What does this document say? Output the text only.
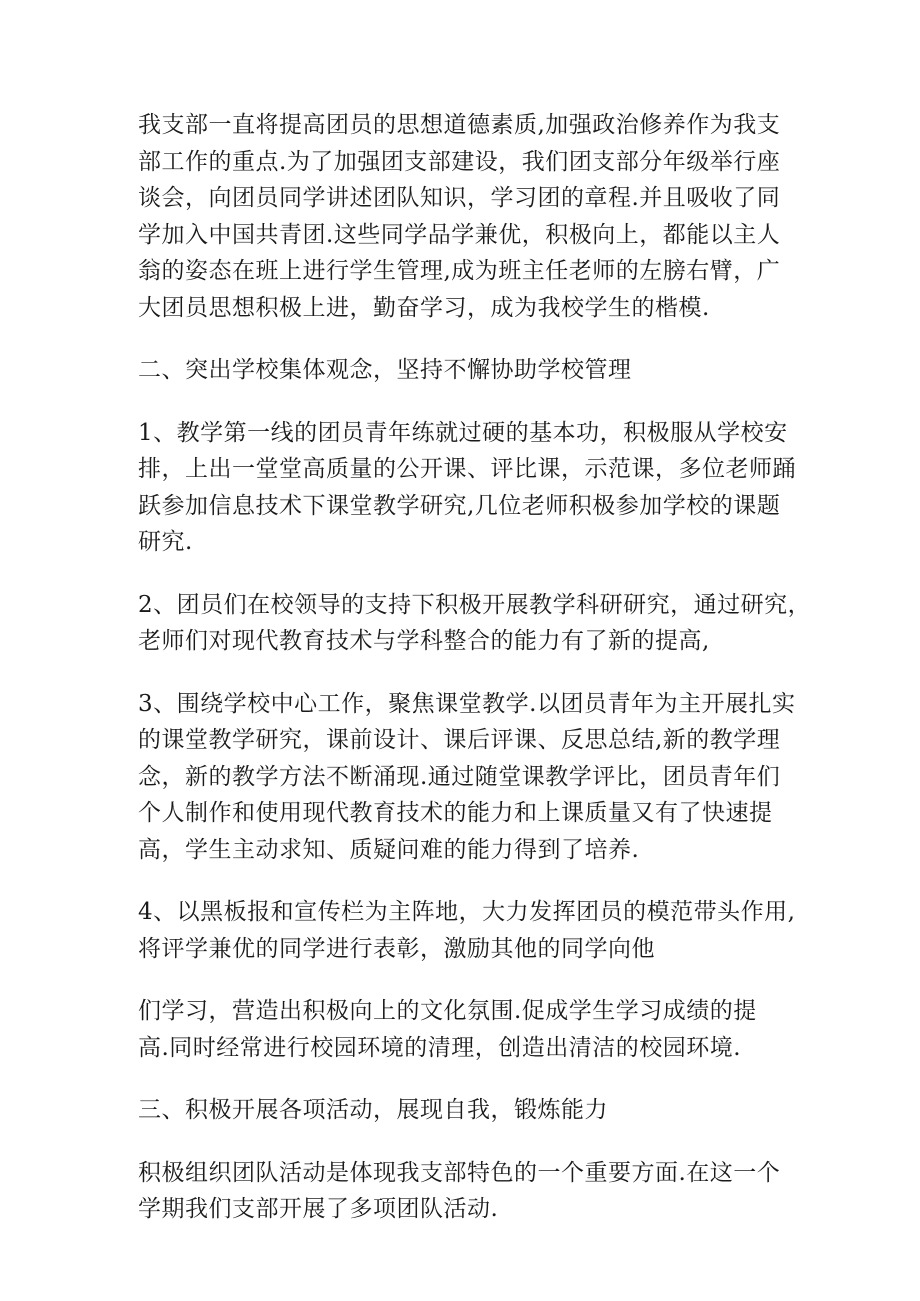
我支部一直将提高团员的思想道德素质,加强政治修养作为我支
部工作的重点.为了加强团支部建设，我们团支部分年级举行座
谈会，向团员同学讲述团队知识，学习团的章程.并且吸收了同
学加入中国共青团.这些同学品学兼优，积极向上，都能以主人
翁的姿态在班上进行学生管理,成为班主任老师的左膀右臂，广
大团员思想积极上进，勤奋学习，成为我校学生的楷模.

二、突出学校集体观念，坚持不懈协助学校管理

1、教学第一线的团员青年练就过硬的基本功，积极服从学校安
排，上出一堂堂高质量的公开课、评比课，示范课，多位老师踊
跃参加信息技术下课堂教学研究,几位老师积极参加学校的课题
研究.

2、团员们在校领导的支持下积极开展教学科研研究，通过研究，
老师们对现代教育技术与学科整合的能力有了新的提高,

3、围绕学校中心工作，聚焦课堂教学.以团员青年为主开展扎实
的课堂教学研究，课前设计、课后评课、反思总结,新的教学理
念，新的教学方法不断涌现.通过随堂课教学评比，团员青年们
个人制作和使用现代教育技术的能力和上课质量又有了快速提
高，学生主动求知、质疑问难的能力得到了培养.

4、以黑板报和宣传栏为主阵地，大力发挥团员的模范带头作用,
将评学兼优的同学进行表彰，激励其他的同学向他

们学习，营造出积极向上的文化氛围.促成学生学习成绩的提
高.同时经常进行校园环境的清理，创造出清洁的校园环境.

三、积极开展各项活动，展现自我，锻炼能力

积极组织团队活动是体现我支部特色的一个重要方面.在这一个
学期我们支部开展了多项团队活动.
